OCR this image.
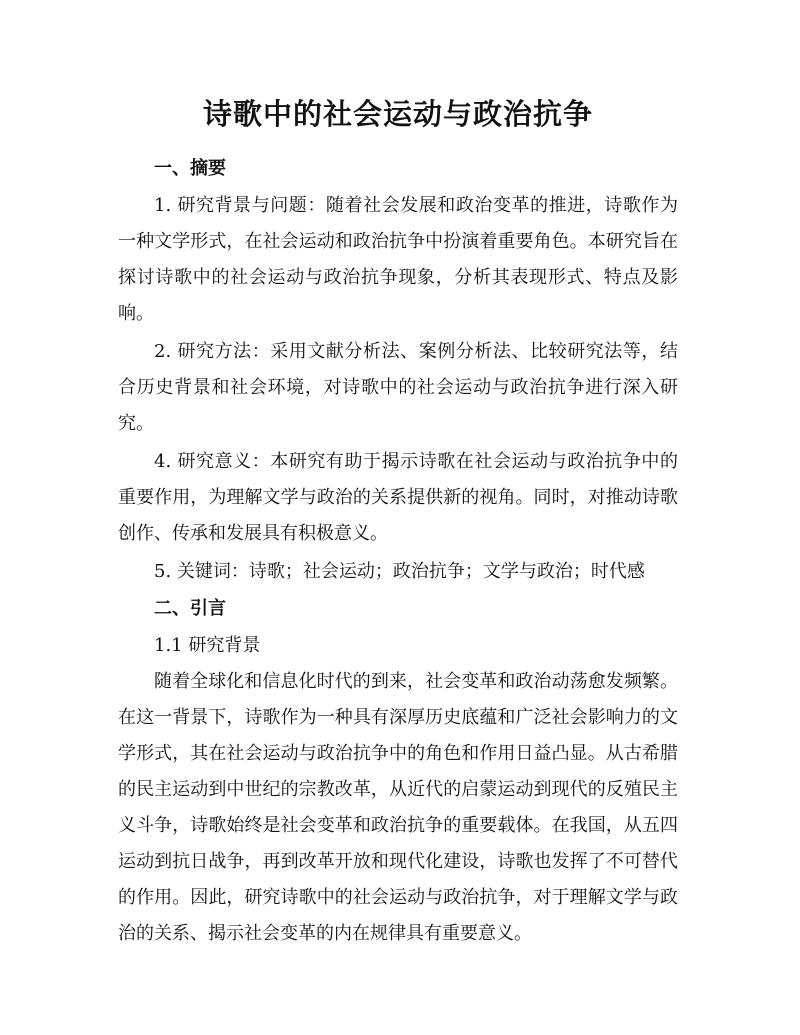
诗歌中的社会运动与政治抗争
一、摘要

1. 研究背景与问题：随着社会发展和政治变革的推进，诗歌作为一种文学形式，在社会运动和政治抗争中扮演着重要角色。本研究旨在探讨诗歌中的社会运动与政治抗争现象，分析其表现形式、特点及影响。

2. 研究方法：采用文献分析法、案例分析法、比较研究法等，结合历史背景和社会环境，对诗歌中的社会运动与政治抗争进行深入研究。

4. 研究意义：本研究有助于揭示诗歌在社会运动与政治抗争中的重要作用，为理解文学与政治的关系提供新的视角。同时，对推动诗歌创作、传承和发展具有积极意义。

5. 关键词：诗歌；社会运动；政治抗争；文学与政治；时代感

二、引言

1.1 研究背景

随着全球化和信息化时代的到来，社会变革和政治动荡愈发频繁。在这一背景下，诗歌作为一种具有深厚历史底蕴和广泛社会影响力的文学形式，其在社会运动与政治抗争中的角色和作用日益凸显。从古希腊的民主运动到中世纪的宗教改革，从近代的启蒙运动到现代的反殖民主义斗争，诗歌始终是社会变革和政治抗争的重要载体。在我国，从五四运动到抗日战争，再到改革开放和现代化建设，诗歌也发挥了不可替代的作用。因此，研究诗歌中的社会运动与政治抗争，对于理解文学与政治的关系、揭示社会变革的内在规律具有重要意义。
